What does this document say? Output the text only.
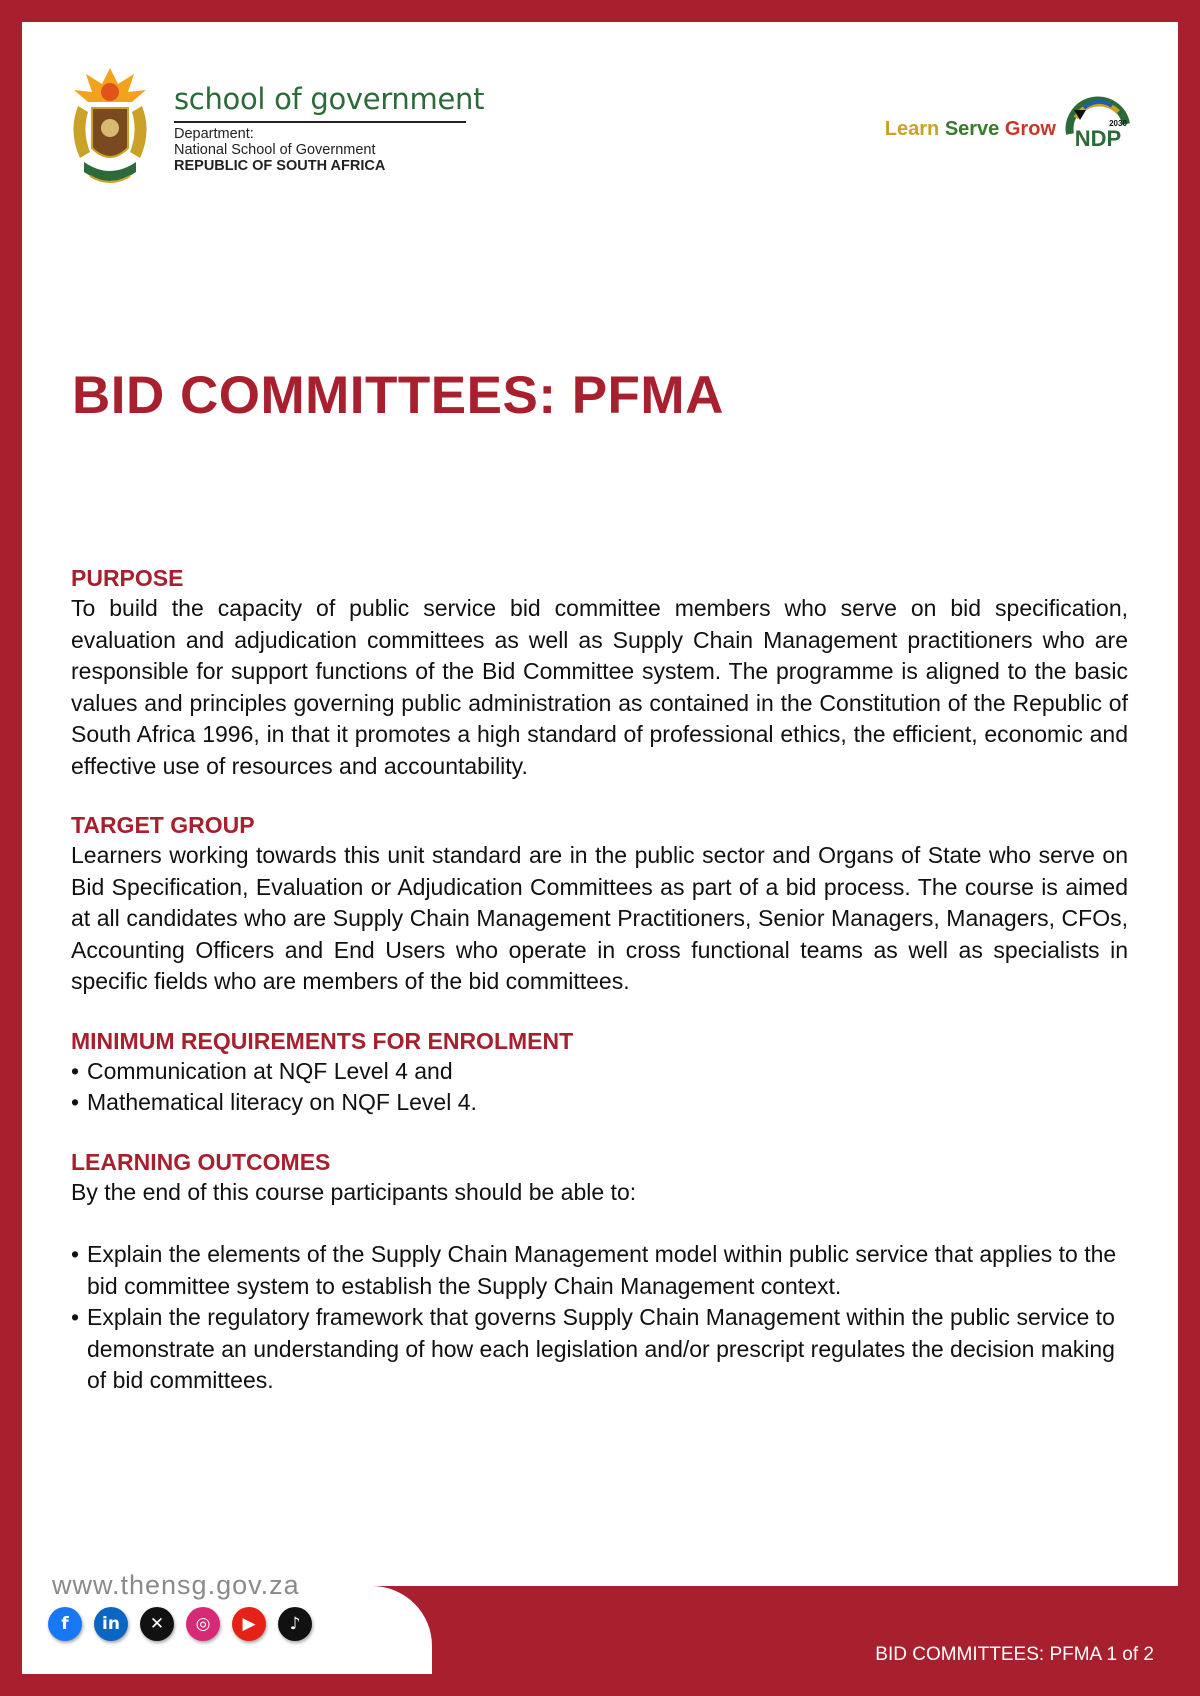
school of government
Department:
National School of Government
REPUBLIC OF SOUTH AFRICA
Learn Serve Grow NDP
2030
BID COMMITTEES: PFMA
PURPOSE

To build the capacity of public service bid committee members who serve on bid specification, evaluation and adjudication committees as well as Supply Chain Management practitioners who are responsible for support functions of the Bid Committee system. The programme is aligned to the basic values and principles governing public administration as contained in the Constitution of the Republic of South Africa 1996, in that it promotes a high standard of professional ethics, the efficient, economic and effective use of resources and accountability.

TARGET GROUP

Learners working towards this unit standard are in the public sector and Organs of State who serve on Bid Specification, Evaluation or Adjudication Committees as part of a bid process. The course is aimed at all candidates who are Supply Chain Management Practitioners, Senior Managers, Managers, CFOs, Accounting Officers and End Users who operate in cross functional teams as well as specialists in specific fields who are members of the bid committees.

MINIMUM REQUIREMENTS FOR ENROLMENT
• Communication at NQF Level 4 and
• Mathematical literacy on NQF Level 4.
LEARNING OUTCOMES

By the end of this course participants should be able to:

• Explain the elements of the Supply Chain Management model within public service that applies to the bid committee system to establish the Supply Chain Management context.
• Explain the regulatory framework that governs Supply Chain Management within the public service to demonstrate an understanding of how each legislation and/or prescript regulates the decision making of bid committees.
BID COMMITTEES: PFMA 1 of 2
www.thensg.gov.za
f	in	✕	◎	▶	♪
